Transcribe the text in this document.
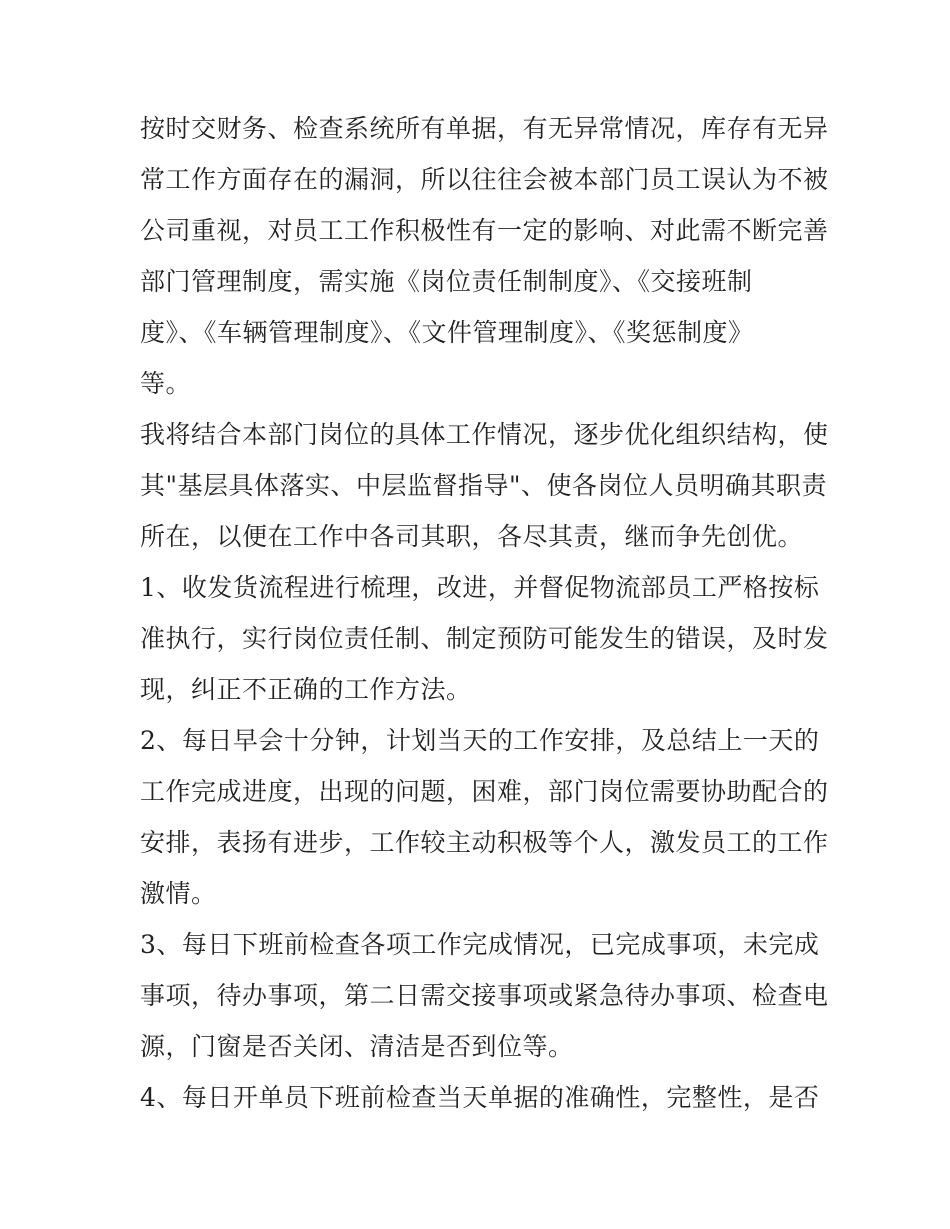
按时交财务、检查系统所有单据，有无异常情况，库存有无异

常工作方面存在的漏洞，所以往往会被本部门员工误认为不被

公司重视，对员工工作积极性有一定的影响、对此需不断完善

部门管理制度，需实施《岗位责任制制度》、《交接班制

度》、《车辆管理制度》、《文件管理制度》、《奖惩制度》

等。

我将结合本部门岗位的具体工作情况，逐步优化组织结构，使

其"基层具体落实、中层监督指导"、使各岗位人员明确其职责

所在，以便在工作中各司其职，各尽其责，继而争先创优。

1、收发货流程进行梳理，改进，并督促物流部员工严格按标

准执行，实行岗位责任制、制定预防可能发生的错误，及时发

现，纠正不正确的工作方法。

2、每日早会十分钟，计划当天的工作安排，及总结上一天的

工作完成进度，出现的问题，困难，部门岗位需要协助配合的

安排，表扬有进步，工作较主动积极等个人，激发员工的工作

激情。

3、每日下班前检查各项工作完成情况，已完成事项，未完成

事项，待办事项，第二日需交接事项或紧急待办事项、检查电

源，门窗是否关闭、清洁是否到位等。

4、每日开单员下班前检查当天单据的准确性，完整性，是否
